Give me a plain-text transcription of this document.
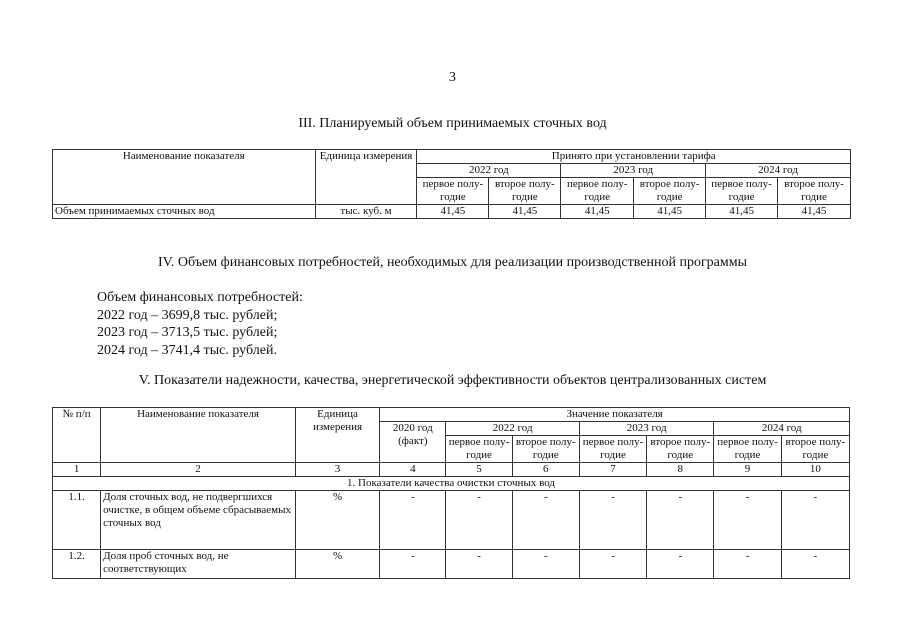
3
III. Планируемый объем принимаемых сточных вод
Наименование показателя	Единица измерения	Принято при установлении тарифа					
		2022 год		2023 год		2024 год	
		первое полу-годие	второе полу-годие	первое полу-годие	второе полу-годие	первое полу-годие	второе полу-годие
Объем принимаемых сточных вод	тыс. куб. м	41,45	41,45	41,45	41,45	41,45	41,45
IV. Объем финансовых потребностей, необходимых для реализации производственной программы
Объем финансовых потребностей:
2022 год – 3699,8 тыс. рублей;
2023 год – 3713,5 тыс. рублей;
2024 год – 3741,4 тыс. рублей.
V. Показатели надежности, качества, энергетической эффективности объектов централизованных систем
№ п/п	Наименование показателя	Единица измерения	Значение показателя						
			2020 год (факт)	2022 год		2023 год		2024 год	
				первое полу-годие	второе полу-годие	первое полу-годие	второе полу-годие	первое полу-годие	второе полу-годие
1	2	3	4	5	6	7	8	9	10
1. Показатели качества очистки сточных вод									
1.1.	Доля сточных вод, не подвергшихся очистке, в общем объеме сбрасываемых сточных вод	%	-	-	-	-	-	-	-
1.2.	Доля проб сточных вод, не соответствующих	%	-	-	-	-	-	-	-
